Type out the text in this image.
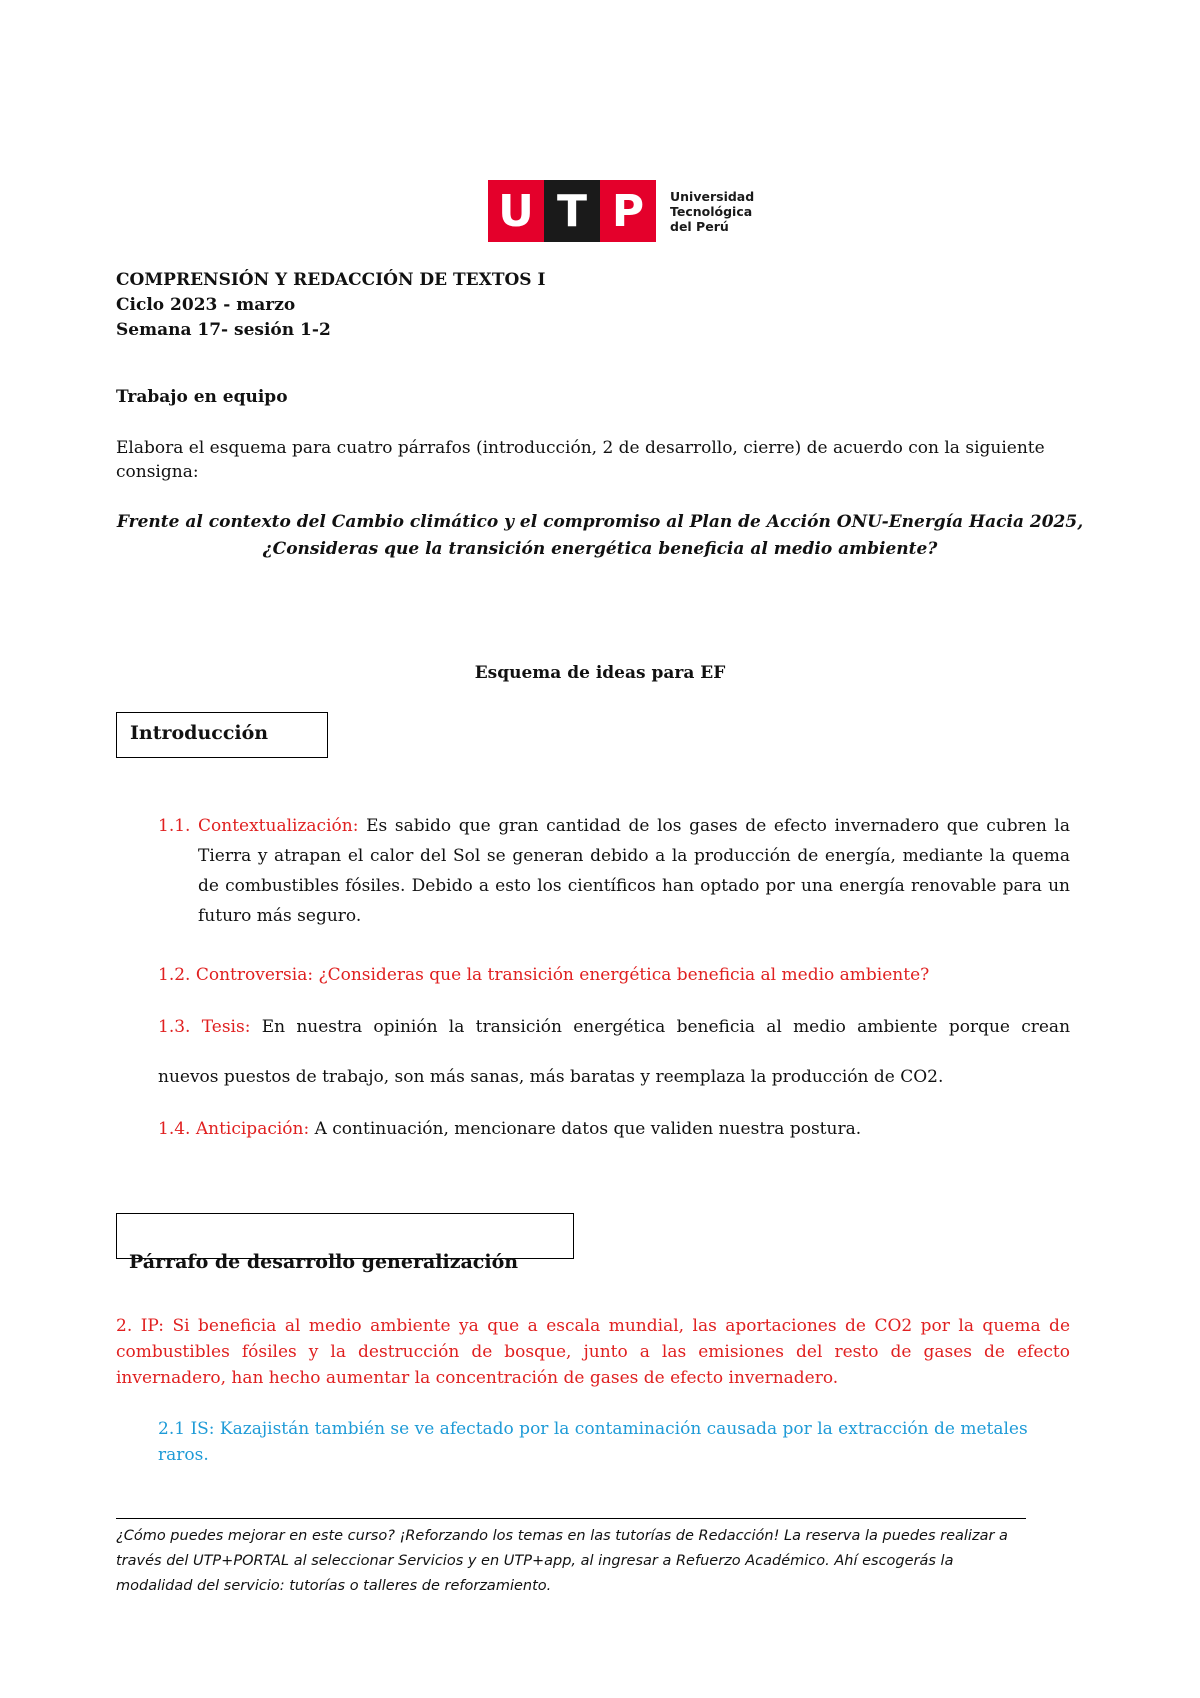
U T P	Universidad
Tecnológica
del Perú
COMPRENSIÓN Y REDACCIÓN DE TEXTOS I
Ciclo 2023 - marzo
Semana 17- sesión 1-2
Trabajo en equipo
Elabora el esquema para cuatro párrafos (introducción, 2 de desarrollo, cierre) de acuerdo con la siguiente consigna:
Frente al contexto del Cambio climático y el compromiso al Plan de Acción ONU-Energía Hacia 2025,
¿Consideras que la transición energética beneficia al medio ambiente?
Esquema de ideas para EF
Introducción
1.1. Contextualización: Es sabido que gran cantidad de los gases de efecto invernadero que cubren la Tierra y atrapan el calor del Sol se generan debido a la producción de energía, mediante la quema de combustibles fósiles. Debido a esto los científicos han optado por una energía renovable para un futuro más seguro.
1.2. Controversia: ¿Consideras que la transición energética beneficia al medio ambiente?
1.3. Tesis: En nuestra opinión la transición energética beneficia al medio ambiente porque crean
nuevos puestos de trabajo, son más sanas, más baratas y reemplaza la producción de CO2.
1.4. Anticipación: A continuación, mencionare datos que validen nuestra postura.
Párrafo de desarrollo generalización
2. IP: Si beneficia al medio ambiente ya que a escala mundial, las aportaciones de CO2 por la quema de combustibles fósiles y la destrucción de bosque, junto a las emisiones del resto de gases de efecto invernadero, han hecho aumentar la concentración de gases de efecto invernadero.
2.1 IS: Kazajistán también se ve afectado por la contaminación causada por la extracción de metales raros.
¿Cómo puedes mejorar en este curso? ¡Reforzando los temas en las tutorías de Redacción! La reserva la puedes realizar a través del UTP+PORTAL al seleccionar Servicios y en UTP+app, al ingresar a Refuerzo Académico. Ahí escogerás la modalidad del servicio: tutorías o talleres de reforzamiento.
